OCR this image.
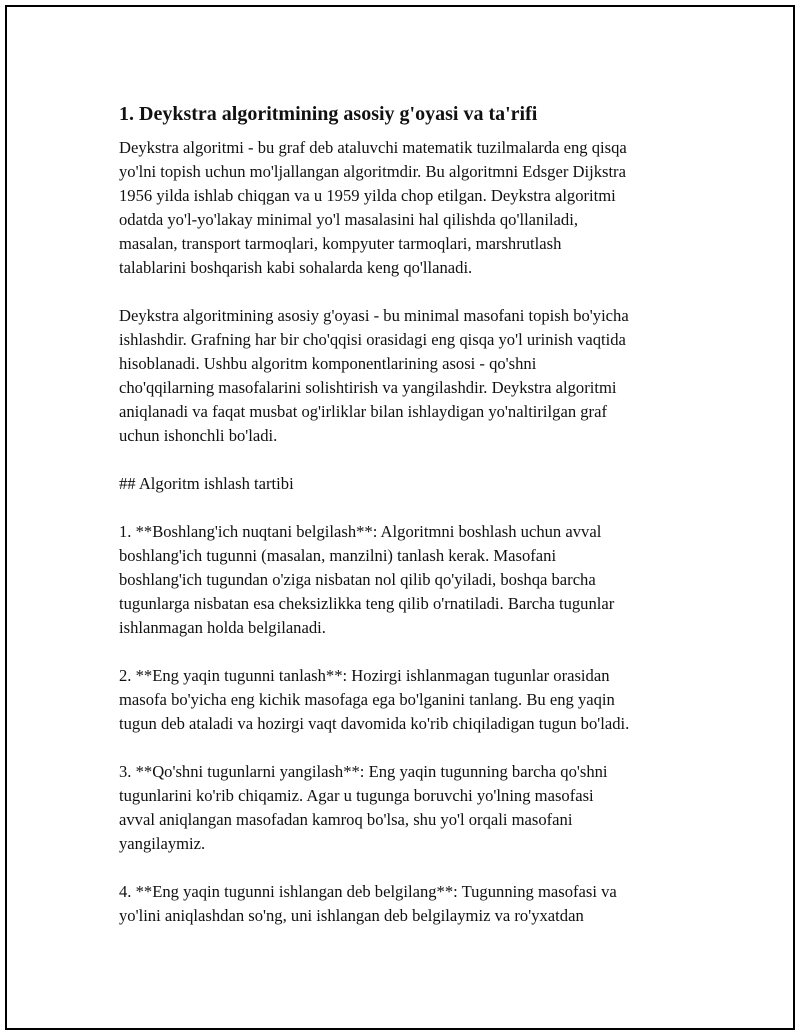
1. Deykstra algoritmining asosiy g'oyasi va ta'rifi

Deykstra algoritmi - bu graf deb ataluvchi matematik tuzilmalarda eng qisqa
yo'lni topish uchun mo'ljallangan algoritmdir. Bu algoritmni Edsger Dijkstra
1956 yilda ishlab chiqgan va u 1959 yilda chop etilgan. Deykstra algoritmi
odatda yo'l-yo'lakay minimal yo'l masalasini hal qilishda qo'llaniladi,
masalan, transport tarmoqlari, kompyuter tarmoqlari, marshrutlash
talablarini boshqarish kabi sohalarda keng qo'llanadi.

Deykstra algoritmining asosiy g'oyasi - bu minimal masofani topish bo'yicha
ishlashdir. Grafning har bir cho'qqisi orasidagi eng qisqa yo'l urinish vaqtida
hisoblanadi. Ushbu algoritm komponentlarining asosi - qo'shni
cho'qqilarning masofalarini solishtirish va yangilashdir. Deykstra algoritmi
aniqlanadi va faqat musbat og'irliklar bilan ishlaydigan yo'naltirilgan graf
uchun ishonchli bo'ladi.

## Algoritm ishlash tartibi

1. **Boshlang'ich nuqtani belgilash**: Algoritmni boshlash uchun avval
boshlang'ich tugunni (masalan, manzilni) tanlash kerak. Masofani
boshlang'ich tugundan o'ziga nisbatan nol qilib qo'yiladi, boshqa barcha
tugunlarga nisbatan esa cheksizlikka teng qilib o'rnatiladi. Barcha tugunlar
ishlanmagan holda belgilanadi.

2. **Eng yaqin tugunni tanlash**: Hozirgi ishlanmagan tugunlar orasidan
masofa bo'yicha eng kichik masofaga ega bo'lganini tanlang. Bu eng yaqin
tugun deb ataladi va hozirgi vaqt davomida ko'rib chiqiladigan tugun bo'ladi.

3. **Qo'shni tugunlarni yangilash**: Eng yaqin tugunning barcha qo'shni
tugunlarini ko'rib chiqamiz. Agar u tugunga boruvchi yo'lning masofasi
avval aniqlangan masofadan kamroq bo'lsa, shu yo'l orqali masofani
yangilaymiz.

4. **Eng yaqin tugunni ishlangan deb belgilang**: Tugunning masofasi va
yo'lini aniqlashdan so'ng, uni ishlangan deb belgilaymiz va ro'yxatdan
